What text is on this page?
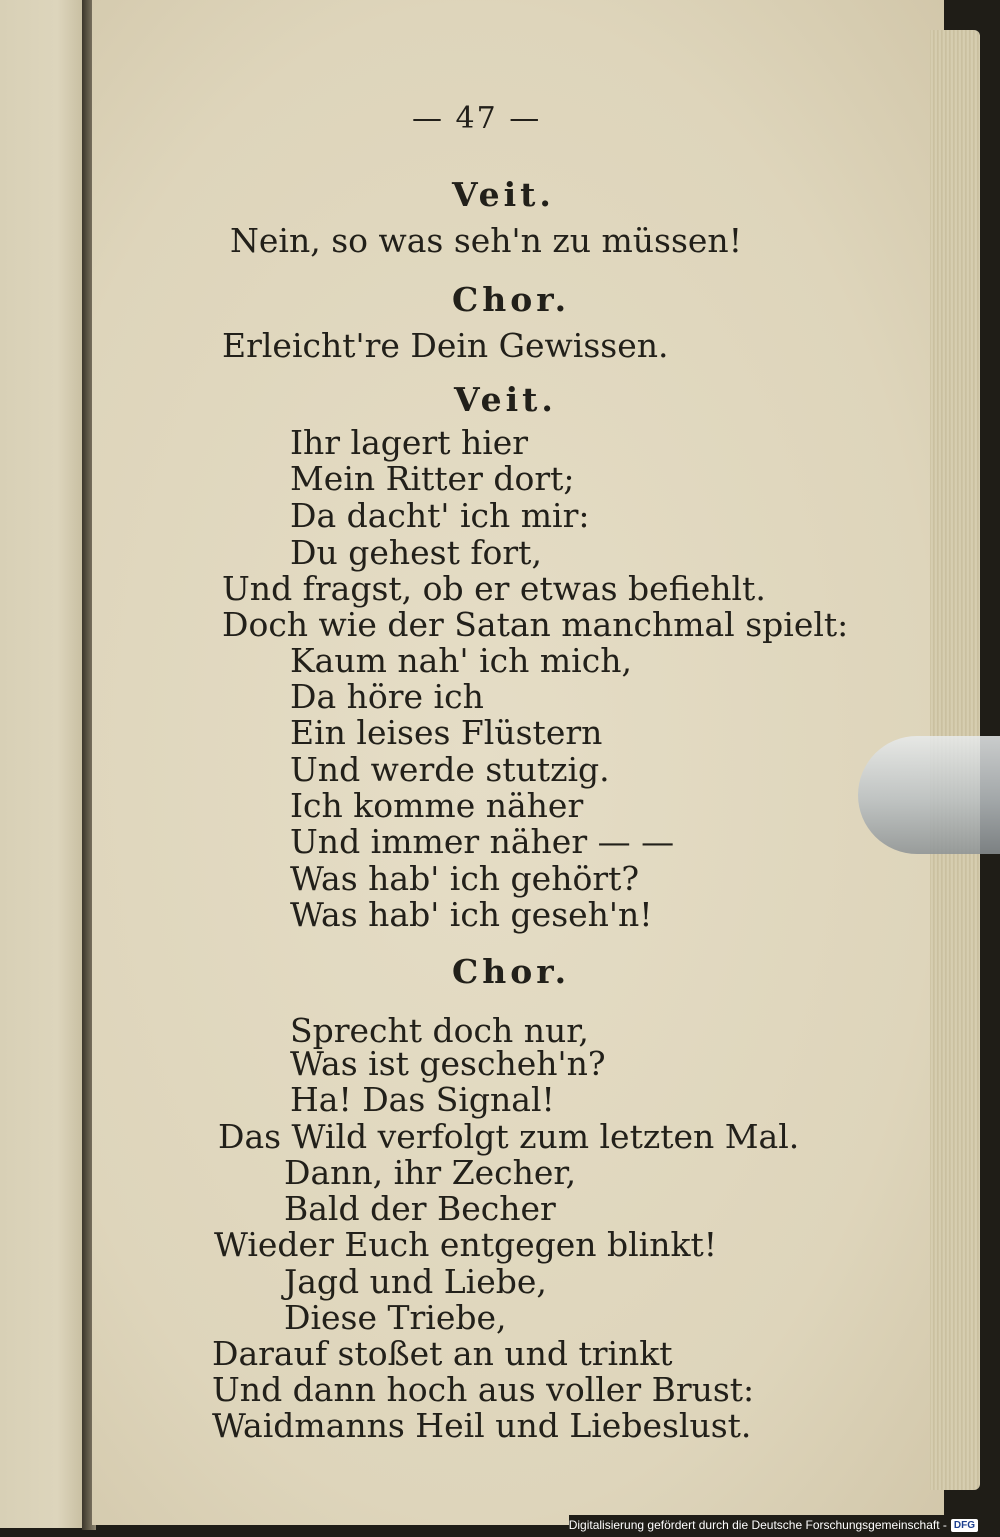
— 47 —
Veit.
Nein, so was seh'n zu müssen!
Chor.
Erleicht're Dein Gewissen.
Veit.
Ihr lagert hier
Mein Ritter dort;
Da dacht' ich mir:
Du gehest fort,
Und fragst, ob er etwas befiehlt.
Doch wie der Satan manchmal spielt:
Kaum nah' ich mich,
Da höre ich
Ein leises Flüstern
Und werde stutzig.
Ich komme näher
Und immer näher — —
Was hab' ich gehört?
Was hab' ich geseh'n!
Chor.
Sprecht doch nur,
Was ist gescheh'n?
Ha! Das Signal!
Das Wild verfolgt zum letzten Mal.
Dann, ihr Zecher,
Bald der Becher
Wieder Euch entgegen blinkt!
Jagd und Liebe,
Diese Triebe,
Darauf stoßet an und trinkt
Und dann hoch aus voller Brust:
Waidmanns Heil und Liebeslust.
Digitalisierung gefördert durch die Deutsche Forschungsgemeinschaft - DFG
